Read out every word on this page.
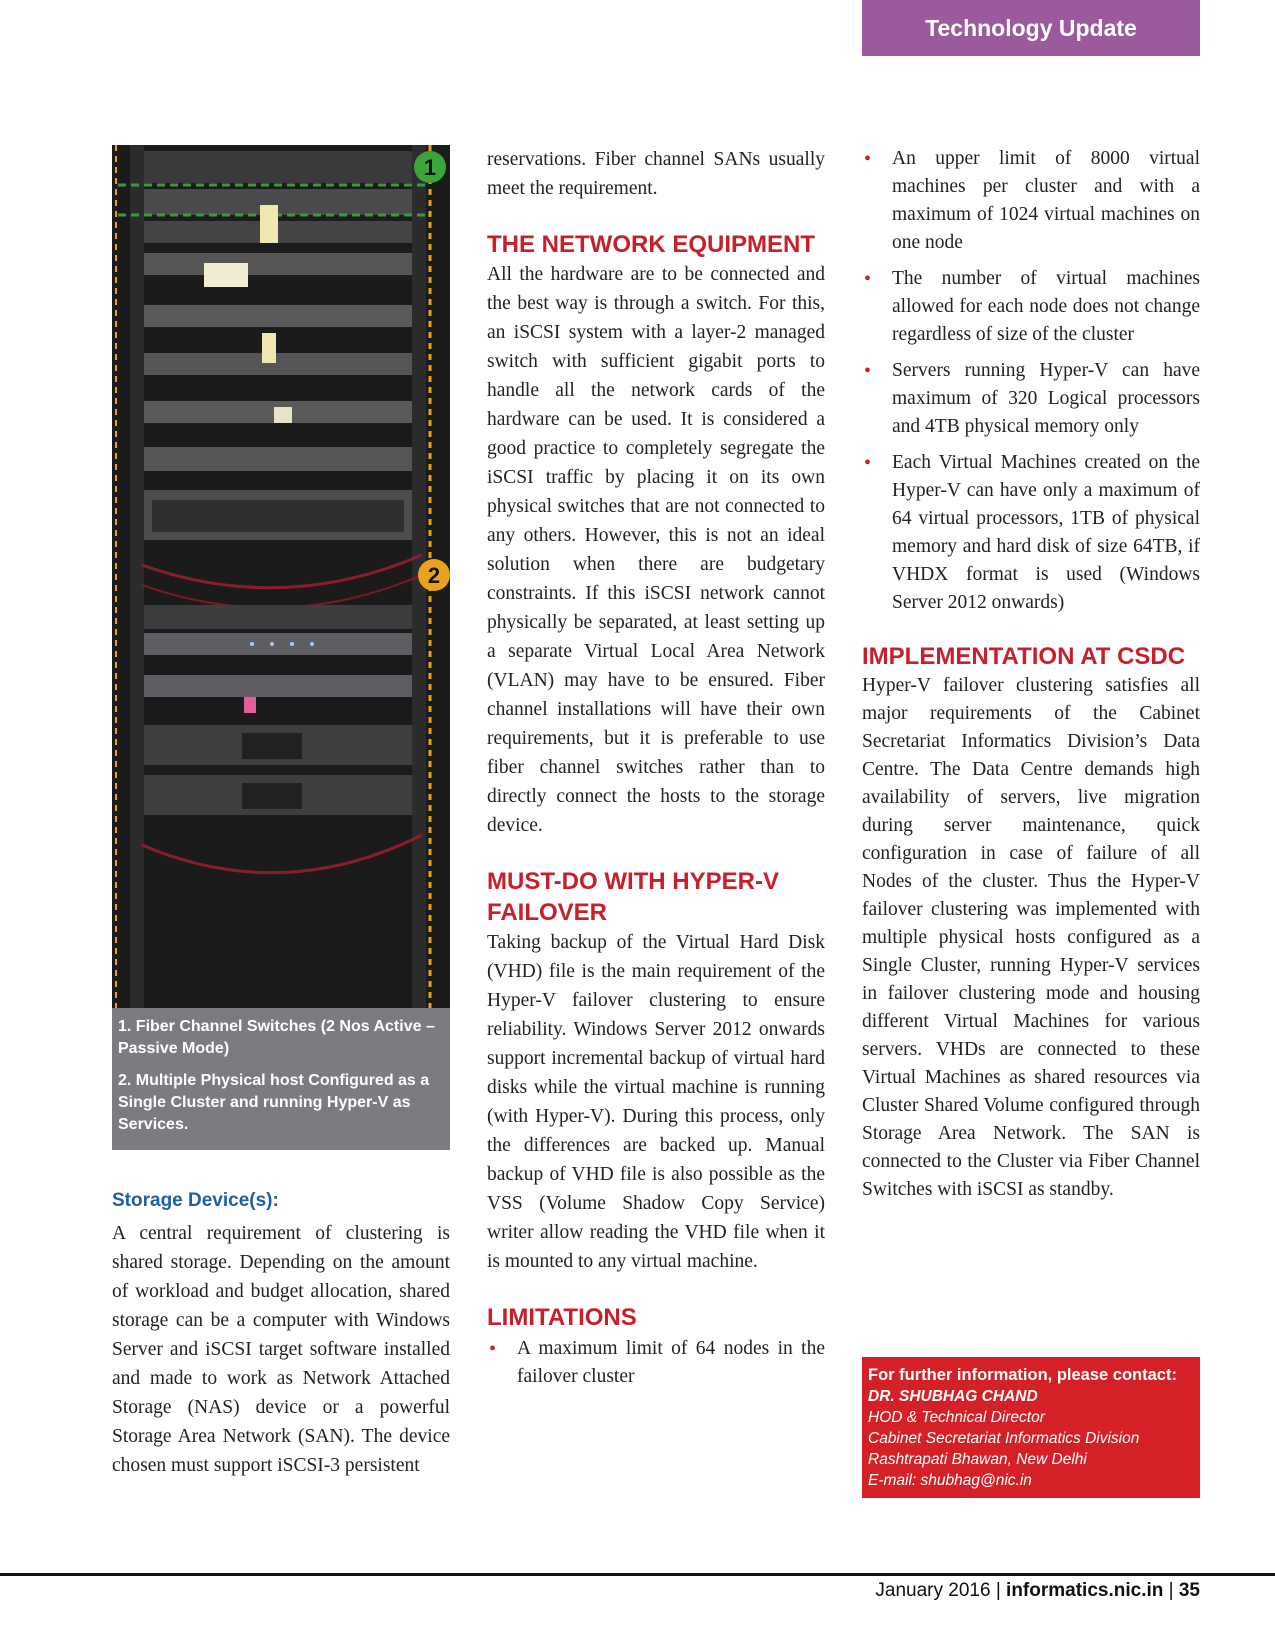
Technology Update
1
2

1. Fiber Channel Switches (2 Nos Active – Passive Mode)

2. Multiple Physical host Configured as a Single Cluster and running Hyper-V as Services.

Storage Device(s):

A central requirement of clustering is shared storage. Depending on the amount of workload and budget allocation, shared storage can be a computer with Windows Server and iSCSI target software installed and made to work as Network Attached Storage (NAS) device or a powerful Storage Area Network (SAN). The device chosen must support iSCSI-3 persistent

reservations. Fiber channel SANs usually meet the requirement.

THE NETWORK EQUIPMENT

All the hardware are to be connected and the best way is through a switch. For this, an iSCSI system with a layer-2 managed switch with sufficient gigabit ports to handle all the network cards of the hardware can be used. It is considered a good practice to completely segregate the iSCSI traffic by placing it on its own physical switches that are not connected to any others. However, this is not an ideal solution when there are budgetary constraints. If this iSCSI network cannot physically be separated, at least setting up a separate Virtual Local Area Network (VLAN) may have to be ensured. Fiber channel installations will have their own requirements, but it is preferable to use fiber channel switches rather than to directly connect the hosts to the storage device.

MUST-DO WITH HYPER-V FAILOVER

Taking backup of the Virtual Hard Disk (VHD) file is the main requirement of the Hyper-V failover clustering to ensure reliability. Windows Server 2012 onwards support incremental backup of virtual hard disks while the virtual machine is running (with Hyper-V). During this process, only the differences are backed up. Manual backup of VHD file is also possible as the VSS (Volume Shadow Copy Service) writer allow reading the VHD file when it is mounted to any virtual machine.

LIMITATIONS
• A maximum limit of 64 nodes in the failover cluster
• An upper limit of 8000 virtual machines per cluster and with a maximum of 1024 virtual machines on one node
• The number of virtual machines allowed for each node does not change regardless of size of the cluster
• Servers running Hyper-V can have maximum of 320 Logical processors and 4TB physical memory only
• Each Virtual Machines created on the Hyper-V can have only a maximum of 64 virtual processors, 1TB of physical memory and hard disk of size 64TB, if VHDX format is used (Windows Server 2012 onwards)
IMPLEMENTATION AT CSDC

Hyper-V failover clustering satisfies all major requirements of the Cabinet Secretariat Informatics Division’s Data Centre. The Data Centre demands high availability of servers, live migration during server maintenance, quick configuration in case of failure of all Nodes of the cluster. Thus the Hyper-V failover clustering was implemented with multiple physical hosts configured as a Single Cluster, running Hyper-V services in failover clustering mode and housing different Virtual Machines for various servers. VHDs are connected to these Virtual Machines as shared resources via Cluster Shared Volume configured through Storage Area Network. The SAN is connected to the Cluster via Fiber Channel Switches with iSCSI as standby.

For further information, please contact:
DR. SHUBHAG CHAND
HOD & Technical Director
Cabinet Secretariat Informatics Division
Rashtrapati Bhawan, New Delhi
E-mail: shubhag@nic.in
January 2016 | informatics.nic.in | 35
